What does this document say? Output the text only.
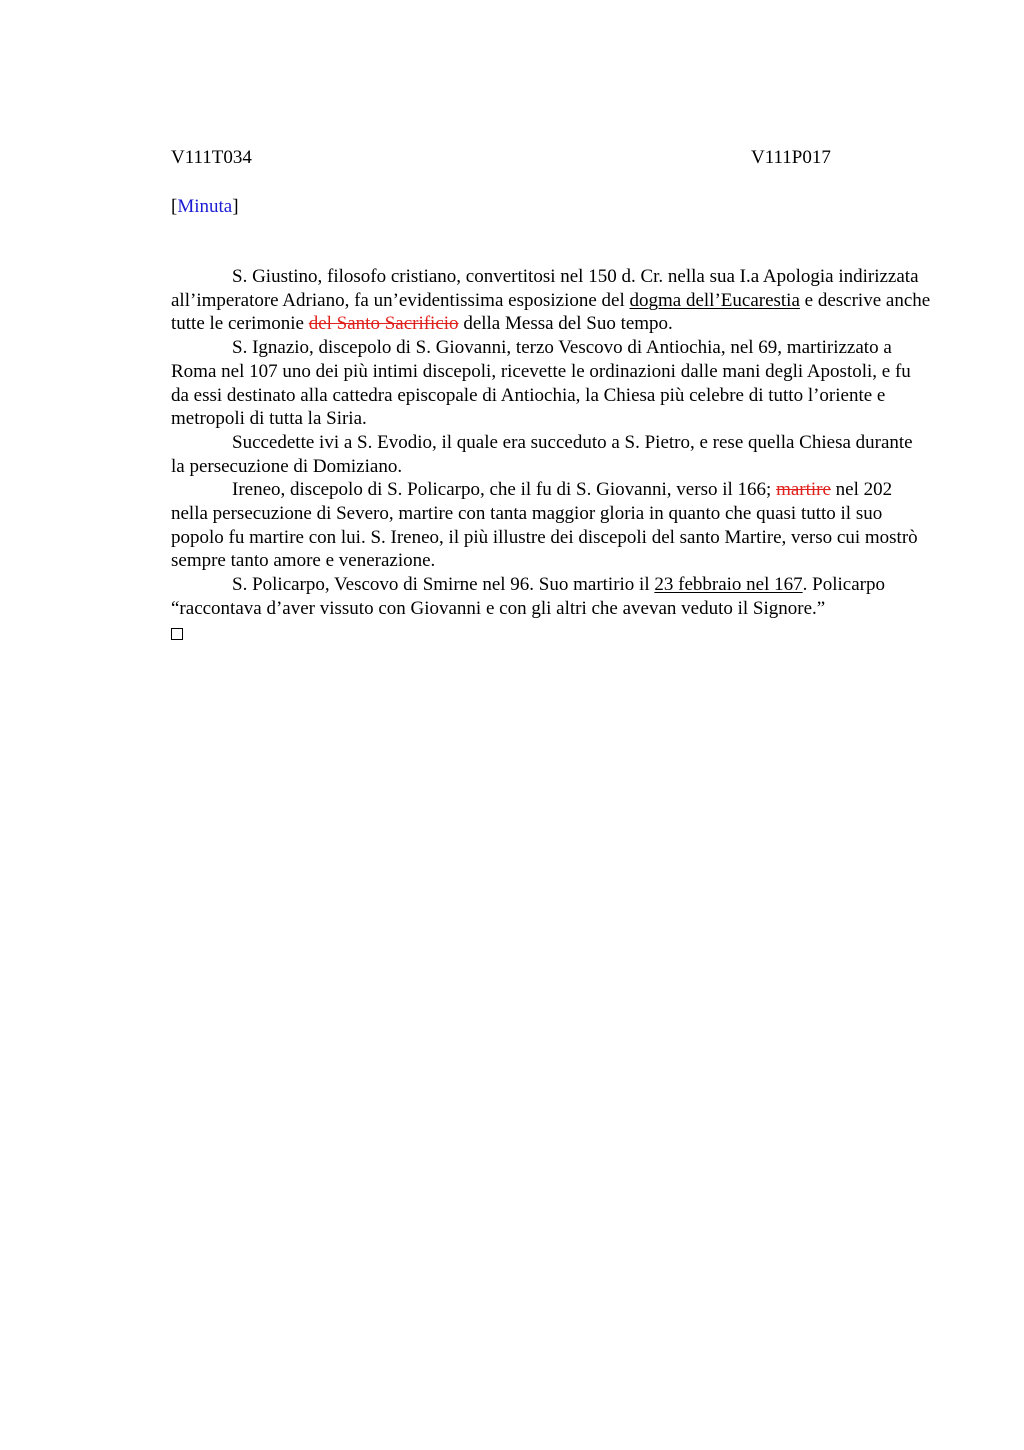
V111T034	V111P017
[Minuta]

S. Giustino, filosofo cristiano, convertitosi nel 150 d. Cr. nella sua I.a Apologia indirizzata all’imperatore Adriano, fa un’evidentissima esposizione del dogma dell’Eucarestia e descrive anche tutte le cerimonie del Santo Sacrificio della Messa del Suo tempo.

S. Ignazio, discepolo di S. Giovanni, terzo Vescovo di Antiochia, nel 69, martirizzato a Roma nel 107 uno dei più intimi discepoli, ricevette le ordinazioni dalle mani degli Apostoli, e fu da essi destinato alla cattedra episcopale di Antiochia, la Chiesa più celebre di tutto l’oriente e metropoli di tutta la Siria.

Succedette ivi a S. Evodio, il quale era succeduto a S. Pietro, e rese quella Chiesa durante la persecuzione di Domiziano.

Ireneo, discepolo di S. Policarpo, che il fu di S. Giovanni, verso il 166; martire nel 202 nella persecuzione di Severo, martire con tanta maggior gloria in quanto che quasi tutto il suo popolo fu martire con lui. S. Ireneo, il più illustre dei discepoli del santo Martire, verso cui mostrò sempre tanto amore e venerazione.

S. Policarpo, Vescovo di Smirne nel 96. Suo martirio il 23 febbraio nel 167. Policarpo “raccontava d’aver vissuto con Giovanni e con gli altri che avevan veduto il Signore.”
